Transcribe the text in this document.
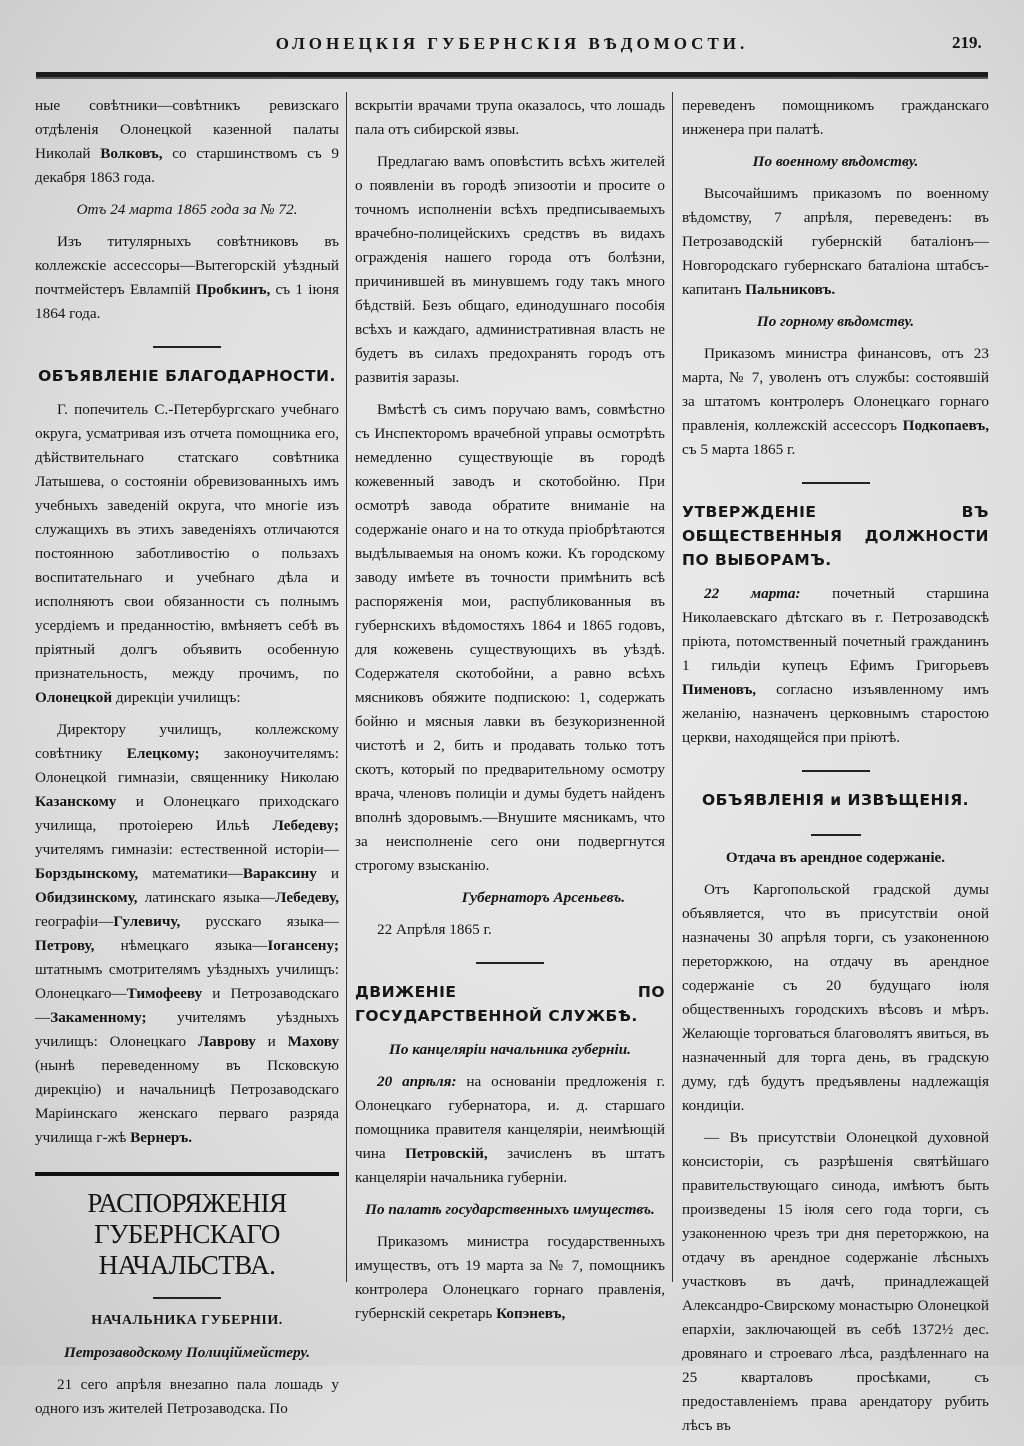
ОЛОНЕЦКІЯ ГУБЕРНСКІЯ ВѢДОМОСТИ.	219.

ные совѣтники—совѣтникъ ревизскаго отдѣленія Олонецкой казенной палаты Николай Волковъ, со старшинствомъ съ 9 декабря 1863 года.

Отъ 24 марта 1865 года за № 72.

Изъ титулярныхъ совѣтниковъ въ коллежскіе ассессоры—Вытегорскій уѣздный почтмейстеръ Евлампій Пробкинъ, съ 1 іюня 1864 года.

ОБЪЯВЛЕНІЕ БЛАГОДАРНОСТИ.

Г. попечитель С.-Петербургскаго учебнаго округа, усматривая изъ отчета помощника его, дѣйствительнаго статскаго совѣтника Латышева, о состояніи обревизованныхъ имъ учебныхъ заведеній округа, что многіе изъ служащихъ въ этихъ заведеніяхъ отличаются постоянною заботливостію о пользахъ воспитательнаго и учебнаго дѣла и исполняютъ свои обязанности съ полнымъ усердіемъ и преданностію, вмѣняетъ себѣ въ пріятный долгъ объявить особенную признательность, между прочимъ, по Олонецкой дирекціи училищъ:

Директору училищъ, коллежскому совѣтнику Елецкому; законоучителямъ: Олонецкой гимназіи, священнику Николаю Казанскому и Олонецкаго приходскаго училища, протоіерею Ильѣ Лебедеву; учителямъ гимназіи: естественной исторіи—Борздынскому, математики—Вараксину и Обидзинскому, латинскаго языка—Лебедеву, географіи—Гулевичу, русскаго языка—Петрову, нѣмецкаго языка—Іогансену; штатнымъ смотрителямъ уѣздныхъ училищъ: Олонецкаго—Тимофееву и Петрозаводскаго—Закаменному; учителямъ уѣздныхъ училищъ: Олонецкаго Лаврову и Махову (нынѣ переведенному въ Псковскую дирекцію) и начальницѣ Петрозаводскаго Маріинскаго женскаго перваго разряда училища г-жѣ Вернеръ.

РАСПОРЯЖЕНІЯ
ГУБЕРНСКАГО НАЧАЛЬСТВА.

НАЧАЛЬНИКА ГУБЕРНІИ.

Петрозаводскому Полиціймейстеру.

21 сего апрѣля внезапно пала лошадь у одного изъ жителей Петрозаводска. По

вскрытіи врачами трупа оказалось, что лошадь пала отъ сибирской язвы.

Предлагаю вамъ оповѣстить всѣхъ жителей о появленіи въ городѣ эпизоотіи и просите о точномъ исполненіи всѣхъ предписываемыхъ врачебно-полицейскихъ средствъ въ видахъ огражденія нашего города отъ болѣзни, причинившей въ минувшемъ году такъ много бѣдствій. Безъ общаго, единодушнаго пособія всѣхъ и каждаго, административная власть не будетъ въ силахъ предохранять городъ отъ развитія заразы.

Вмѣстѣ съ симъ поручаю вамъ, совмѣстно съ Инспекторомъ врачебной управы осмотрѣть немедленно существующіе въ городѣ кожевенный заводъ и скотобойню. При осмотрѣ завода обратите вниманіе на содержаніе онаго и на то откуда пріобрѣтаются выдѣлываемыя на ономъ кожи. Къ городскому заводу имѣете въ точности примѣнить всѣ распоряженія мои, распубликованныя въ губернскихъ вѣдомостяхъ 1864 и 1865 годовъ, для кожевень существующихъ въ уѣздѣ. Содержателя скотобойни, а равно всѣхъ мясниковъ обяжите подпискою: 1, содержать бойню и мясныя лавки въ безукоризненной чистотѣ и 2, бить и продавать только тотъ скотъ, который по предварительному осмотру врача, членовъ полиціи и думы будетъ найденъ вполнѣ здоровымъ.—Внушите мясникамъ, что за неисполненіе сего они подвергнутся строгому взысканію.

Губернаторъ Арсеньевъ.

22 Апрѣля 1865 г.

ДВИЖЕНІЕ ПО ГОСУДАРСТВЕННОЙ СЛУЖБѢ.

По канцеляріи начальника губерніи.

20 апрѣля: на основаніи предложенія г. Олонецкаго губернатора, и. д. старшаго помощника правителя канцеляріи, неимѣющій чина Петровскій, зачисленъ въ штатъ канцеляріи начальника губерніи.

По палатѣ государственныхъ имуществъ.

Приказомъ министра государственныхъ имуществъ, отъ 19 марта за № 7, помощникъ контролера Олонецкаго горнаго правленія, губернскій секретарь Копэневъ,

переведенъ помощникомъ гражданскаго инженера при палатѣ.

По военному вѣдомству.

Высочайшимъ приказомъ по военному вѣдомству, 7 апрѣля, переведенъ: въ Петрозаводскій губернскій баталіонъ—Новгородскаго губернскаго баталіона штабсъ-капитанъ Пальниковъ.

По горному вѣдомству.

Приказомъ министра финансовъ, отъ 23 марта, № 7, уволенъ отъ службы: состоявшій за штатомъ контролеръ Олонецкаго горнаго правленія, коллежскій ассессоръ Подкопаевъ, съ 5 марта 1865 г.

УТВЕРЖДЕНІЕ ВЪ ОБЩЕСТВЕННЫЯ ДОЛЖНОСТИ ПО ВЫБОРАМЪ.

22 марта: почетный старшина Николаевскаго дѣтскаго въ г. Петрозаводскѣ пріюта, потомственный почетный гражданинъ 1 гильдіи купецъ Ефимъ Григорьевъ Пименовъ, согласно изъявленному имъ желанію, назначенъ церковнымъ старостою церкви, находящейся при пріютѣ.

ОБЪЯВЛЕНІЯ и ИЗВѢЩЕНІЯ.

Отдача въ арендное содержаніе.

Отъ Каргопольской градской думы объявляется, что въ присутствіи оной назначены 30 апрѣля торги, съ узаконенною переторжкою, на отдачу въ арендное содержаніе съ 20 будущаго іюля общественныхъ городскихъ вѣсовъ и мѣръ. Желающіе торговаться благоволятъ явиться, въ назначенный для торга день, въ градскую думу, гдѣ будутъ предъявлены надлежащія кондиціи.

— Въ присутствіи Олонецкой духовной консисторіи, съ разрѣшенія святѣйшаго правительствующаго синода, имѣютъ быть произведены 15 іюля сего года торги, съ узаконенною чрезъ три дня переторжкою, на отдачу въ арендное содержаніе лѣсныхъ участковъ въ дачѣ, принадлежащей Александро-Свирскому монастырю Олонецкой епархіи, заключающей въ себѣ 1372½ дес. дровянаго и строеваго лѣса, раздѣленнаго на 25 кварталовъ просѣками, съ предоставленіемъ права арендатору рубить лѣсъ въ
